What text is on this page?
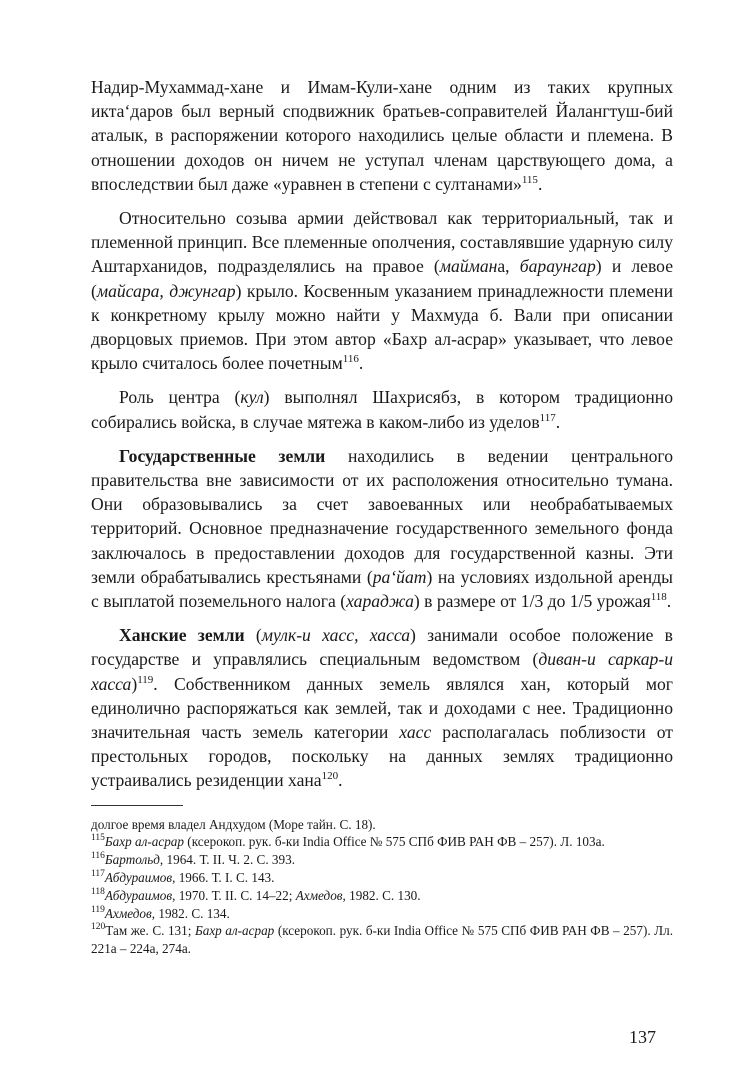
Надир-Мухаммад-хане и Имам-Кули-хане одним из таких крупных икта‘даров был верный сподвижник братьев-соправителей Йалангтуш-бий аталык, в распоряжении которого находились целые области и племена. В отношении доходов он ничем не уступал членам царствующего дома, а впоследствии был даже «уравнен в степени с султанами»$^{115}$.

Относительно созыва армии действовал как территориальный, так и племенной принцип. Все племенные ополчения, составлявшие ударную силу Аштарханидов, подразделялись на правое (маймана, бараунгар) и левое (майсара, джунгар) крыло. Косвенным указанием принадлежности племени к конкретному крылу можно найти у Махмуда б. Вали при описании дворцовых приемов. При этом автор «Бахр ал-асрар» указывает, что левое крыло считалось более почетным$^{116}$.

Роль центра (кул) выполнял Шахрисябз, в котором традиционно собирались войска, в случае мятежа в каком-либо из уделов$^{117}$.

Государственные земли находились в ведении центрального правительства вне зависимости от их расположения относительно тумана. Они образовывались за счет завоеванных или необрабатываемых территорий. Основное предназначение государственного земельного фонда заключалось в предоставлении доходов для государственной казны. Эти земли обрабатывались крестьянами (ра‘йат) на условиях издольной аренды с выплатой поземельного налога (хараджа) в размере от 1/3 до 1/5 урожая$^{118}$.

Ханские земли (мулк-и хасс, хасса) занимали особое положение в государстве и управлялись специальным ведомством (диван-и саркар-и хасса)$^{119}$. Собственником данных земель являлся хан, который мог единолично распоряжаться как землей, так и доходами с нее. Традиционно значительная часть земель категории хасс располагалась поблизости от престольных городов, поскольку на данных землях традиционно устраивались резиденции хана$^{120}$.

долгое время владел Андхудом (Море тайн. С. 18).

$^{115}$Бахр ал-асрар (ксерокоп. рук. б-ки India Office № 575 СПб ФИВ РАН ФВ – 257). Л. 103а.

$^{116}$Бартольд, 1964. Т. II. Ч. 2. С. 393.

$^{117}$Абдураимов, 1966. Т. I. С. 143.

$^{118}$Абдураимов, 1970. Т. II. С. 14–22; Ахмедов, 1982. С. 130.

$^{119}$Ахмедов, 1982. С. 134.

$^{120}$Там же. С. 131; Бахр ал-асрар (ксерокоп. рук. б-ки India Office № 575 СПб ФИВ РАН ФВ – 257). Лл. 221а – 224а, 274а.

137
